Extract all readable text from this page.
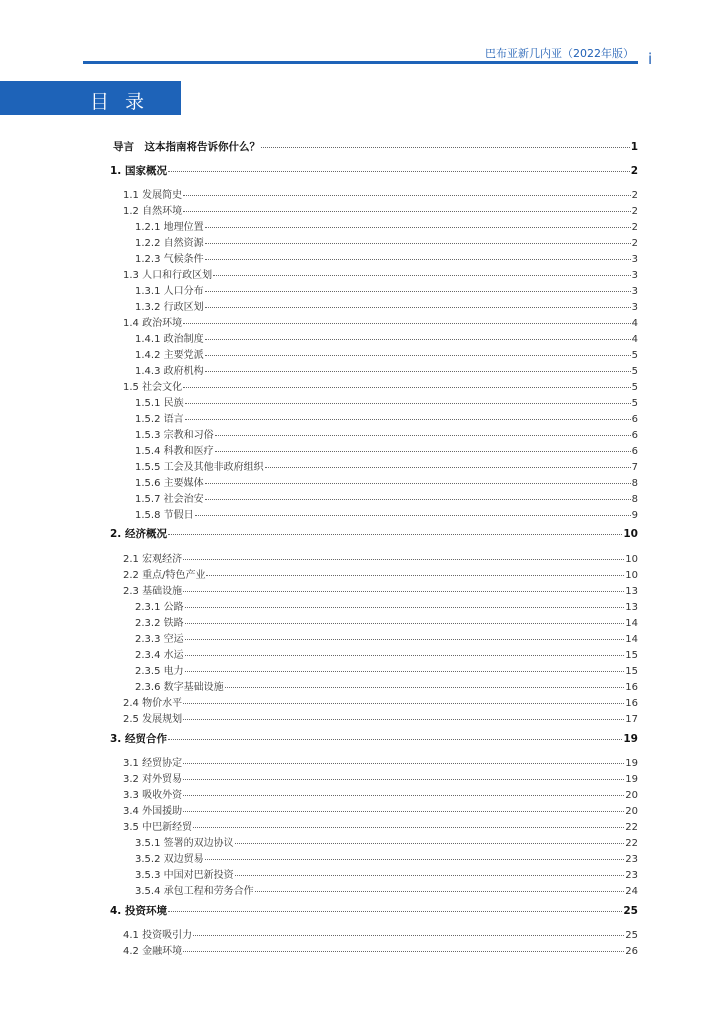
巴布亚新几内亚（2022年版） i
目 录
导言　这本指南将告诉你什么？	1
1. 国家概况	2
1.1 发展简史	2
1.2 自然环境	2
1.2.1 地理位置	2
1.2.2 自然资源	2
1.2.3 气候条件	3
1.3 人口和行政区划	3
1.3.1 人口分布	3
1.3.2 行政区划	3
1.4 政治环境	4
1.4.1 政治制度	4
1.4.2 主要党派	5
1.4.3 政府机构	5
1.5 社会文化	5
1.5.1 民族	5
1.5.2 语言	6
1.5.3 宗教和习俗	6
1.5.4 科教和医疗	6
1.5.5 工会及其他非政府组织	7
1.5.6 主要媒体	8
1.5.7 社会治安	8
1.5.8 节假日	9
2. 经济概况	10
2.1 宏观经济	10
2.2 重点/特色产业	10
2.3 基础设施	13
2.3.1 公路	13
2.3.2 铁路	14
2.3.3 空运	14
2.3.4 水运	15
2.3.5 电力	15
2.3.6 数字基础设施	16
2.4 物价水平	16
2.5 发展规划	17
3. 经贸合作	19
3.1 经贸协定	19
3.2 对外贸易	19
3.3 吸收外资	20
3.4 外国援助	20
3.5 中巴新经贸	22
3.5.1 签署的双边协议	22
3.5.2 双边贸易	23
3.5.3 中国对巴新投资	23
3.5.4 承包工程和劳务合作	24
4. 投资环境	25
4.1 投资吸引力	25
4.2 金融环境	26
